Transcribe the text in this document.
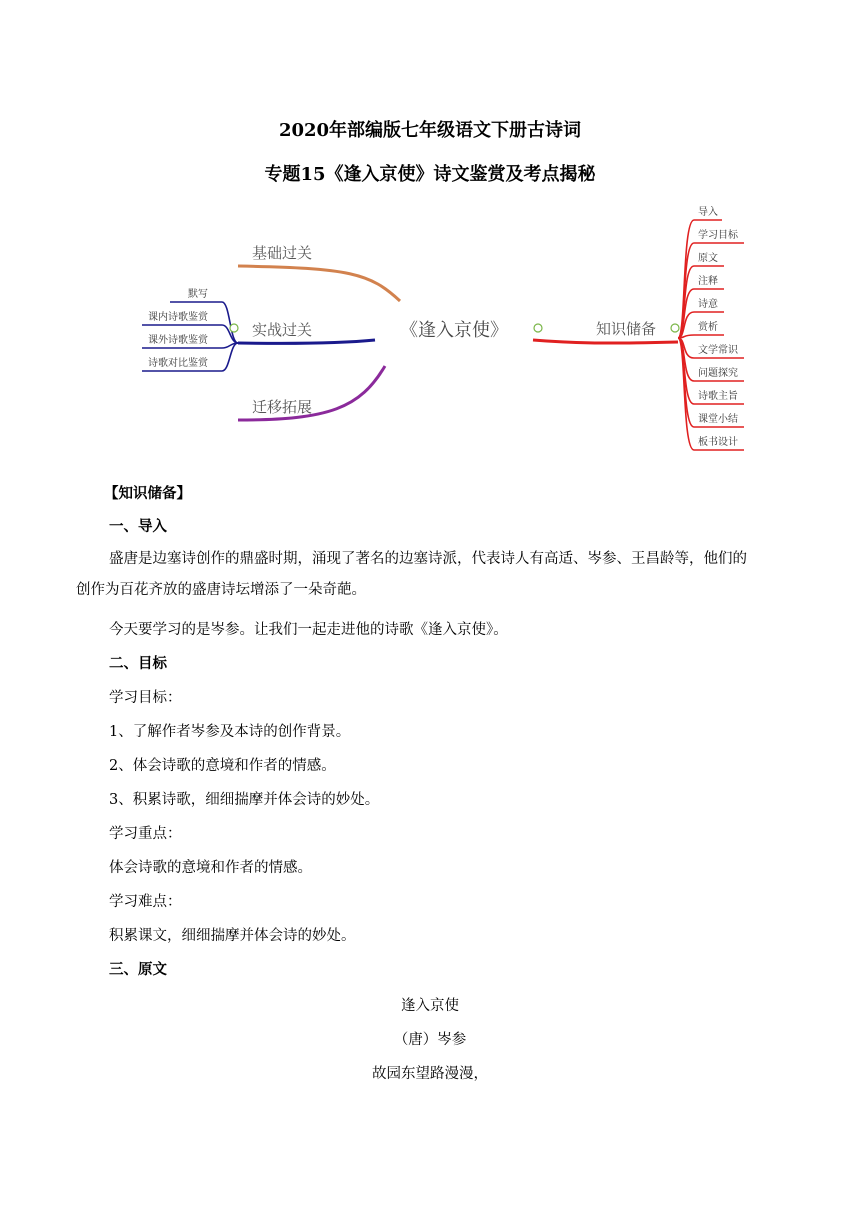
2020年部编版七年级语文下册古诗词
专题15《逢入京使》诗文鉴赏及考点揭秘
基础过关
实战过关
迁移拓展
默写
课内诗歌鉴赏
课外诗歌鉴赏
诗歌对比鉴赏
《逢入京使》	知识储备
导入
学习目标
原文
注释
诗意
赏析
文学常识
问题探究
诗歌主旨
课堂小结
板书设计
【知识储备】
一、导入
盛唐是边塞诗创作的鼎盛时期，涌现了著名的边塞诗派，代表诗人有高适、岑参、王昌龄等，他们的
创作为百花齐放的盛唐诗坛增添了一朵奇葩。
今天要学习的是岑参。让我们一起走进他的诗歌《逢入京使》。
二、目标
学习目标：
1、了解作者岑参及本诗的创作背景。
2、体会诗歌的意境和作者的情感。
3、积累诗歌，细细揣摩并体会诗的妙处。
学习重点：
体会诗歌的意境和作者的情感。
学习难点：
积累课文，细细揣摩并体会诗的妙处。
三、原文
逢入京使
（唐）岑参
故园东望路漫漫，
